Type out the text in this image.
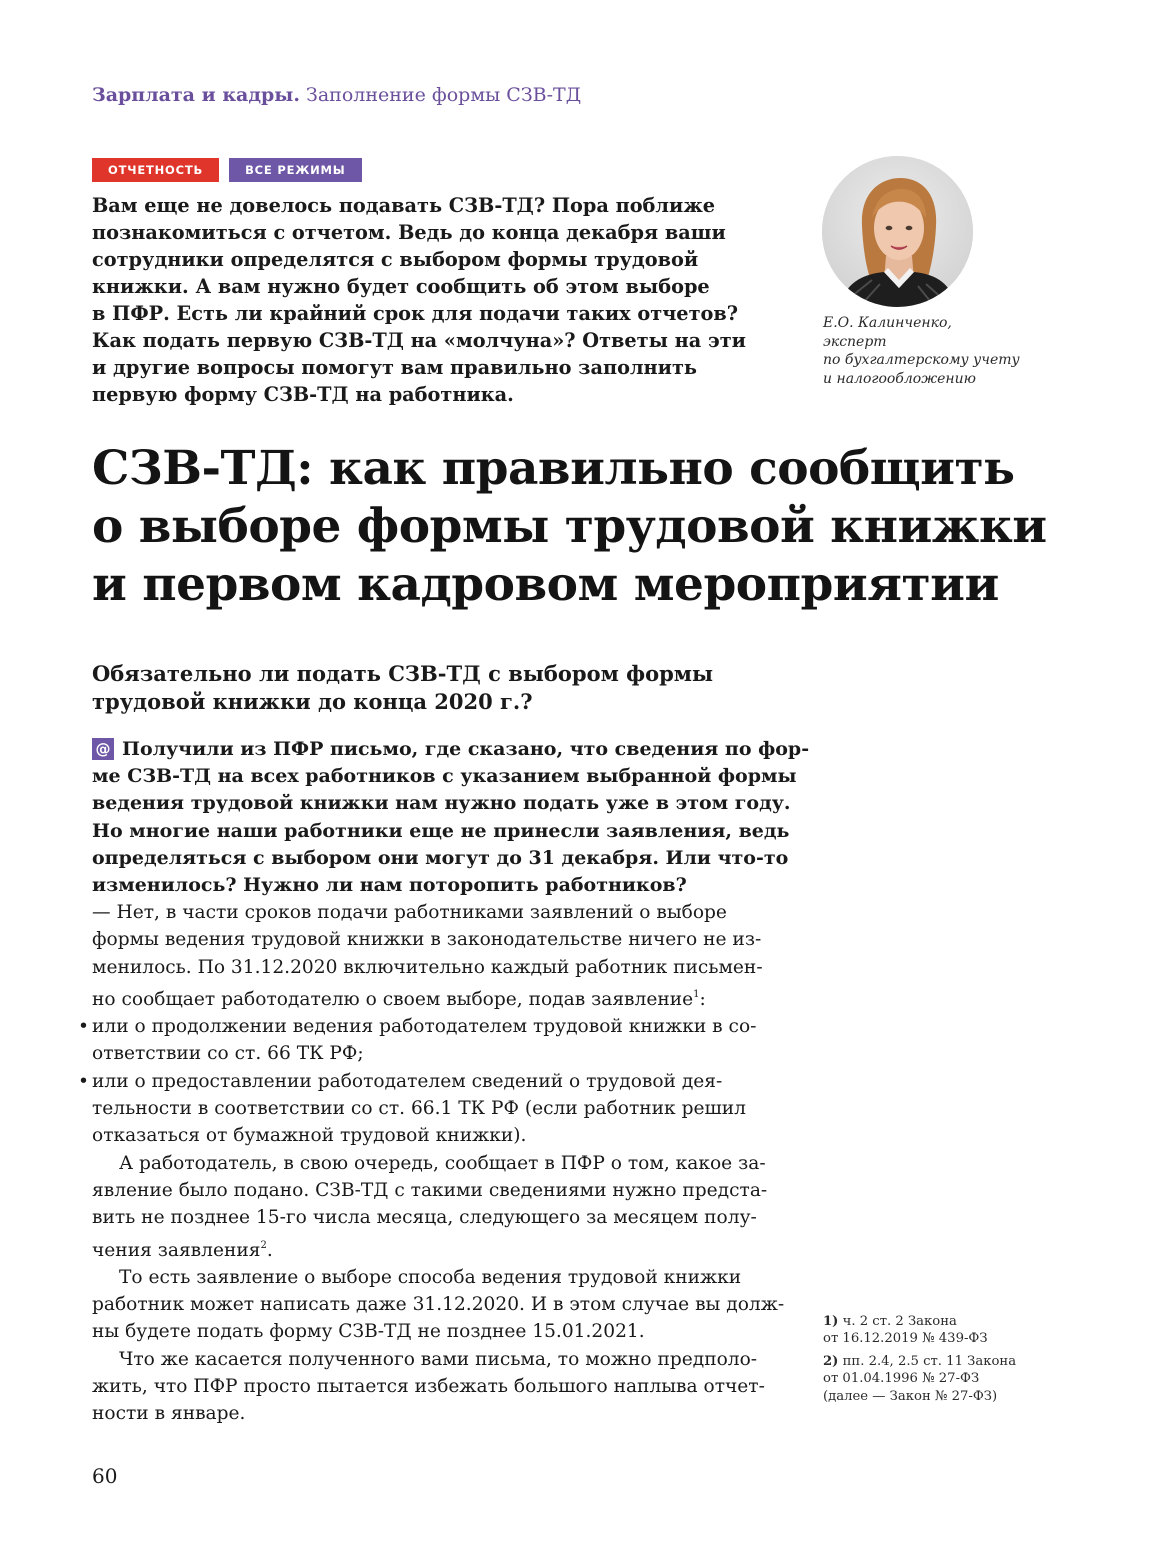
Зарплата и кадры. Заполнение формы СЗВ-ТД
ОТЧЕТНОСТЬ	ВСЕ РЕЖИМЫ
Вам еще не довелось подавать СЗВ-ТД? Пора поближе
познакомиться с отчетом. Ведь до конца декабря ваши
сотрудники определятся с выбором формы трудовой
книжки. А вам нужно будет сообщить об этом выборе
в ПФР. Есть ли крайний срок для подачи таких отчетов?
Как подать первую СЗВ-ТД на «молчуна»? Ответы на эти
и другие вопросы помогут вам правильно заполнить
первую форму СЗВ-ТД на работника.
Е.О. Калинченко,
эксперт
по бухгалтерскому учету
и налогообложению
СЗВ-ТД: как правильно сообщить
о выборе формы трудовой книжки
и первом кадровом мероприятии
Обязательно ли подать СЗВ-ТД с выбором формы
трудовой книжки до конца 2020 г.?
@ Получили из ПФР письмо, где сказано, что сведения по фор-
ме СЗВ-ТД на всех работников с указанием выбранной формы
ведения трудовой книжки нам нужно подать уже в этом году.
Но многие наши работники еще не принесли заявления, ведь
определяться с выбором они могут до 31 декабря. Или что-то
изменилось? Нужно ли нам поторопить работников?
— Нет, в части сроков подачи работниками заявлений о выборе
формы ведения трудовой книжки в законодательстве ничего не из-
менилось. По 31.12.2020 включительно каждый работник письмен-
но сообщает работодателю о своем выборе, подав заявление$^1$:
• или о продолжении ведения работодателем трудовой книжки в со-
ответствии со ст. 66 ТК РФ;
• или о предоставлении работодателем сведений о трудовой дея-
тельности в соответствии со ст. 66.1 ТК РФ (если работник решил
отказаться от бумажной трудовой книжки).
А работодатель, в свою очередь, сообщает в ПФР о том, какое за-
явление было подано. СЗВ-ТД с такими сведениями нужно предста-
вить не позднее 15-го числа месяца, следующего за месяцем полу-
чения заявления$^2$.
То есть заявление о выборе способа ведения трудовой книжки
работник может написать даже 31.12.2020. И в этом случае вы долж-
ны будете подать форму СЗВ-ТД не позднее 15.01.2021.
Что же касается полученного вами письма, то можно предполо-
жить, что ПФР просто пытается избежать большого наплыва отчет-
ности в январе.
1) ч. 2 ст. 2 Закона
от 16.12.2019 № 439-ФЗ
2) пп. 2.4, 2.5 ст. 11 Закона
от 01.04.1996 № 27-ФЗ
(далее — Закон № 27-ФЗ)
60
